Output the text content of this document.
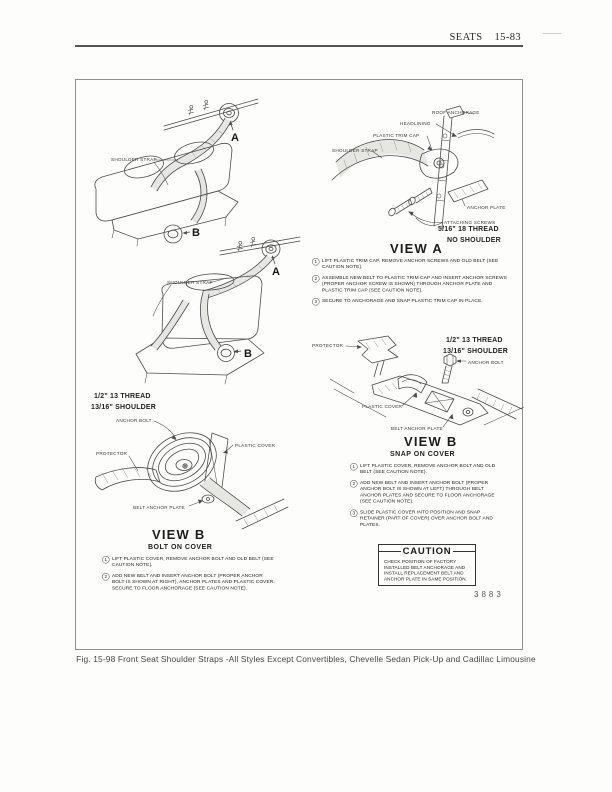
SEATS 15-83
SHOULDER STRAP
A
B
SHOULDER STRAP
A
B
1/2" 13 THREAD
13/16" SHOULDER
ANCHOR BOLT
PROTECTOR
PLASTIC COVER
BELT ANCHOR PLATE
VIEW B
BOLT ON COVER
1 LIFT PLASTIC COVER, REMOVE ANCHOR BOLT AND OLD BELT (SEE CAUTION NOTE).
2 ADD NEW BELT AND INSERT ANCHOR BOLT (PROPER ANCHOR BOLT IS SHOWN AT RIGHT), ANCHOR PLATES AND PLASTIC COVER. SECURE TO FLOOR ANCHORAGE (SEE CAUTION NOTE).
ROOF ANCHORAGE
HEADLINING
PLASTIC TRIM CAP
SHOULDER STRAP
ANCHOR PLATE
ATTACHING SCREWS
5/16" 18 THREAD
NO SHOULDER
VIEW A
1 LIFT PLASTIC TRIM CAP, REMOVE ANCHOR SCREWS AND OLD BELT (SEE CAUTION NOTE).
2 ASSEMBLE NEW BELT TO PLASTIC TRIM CAP AND INSERT ANCHOR SCREWS (PROPER ANCHOR SCREW IS SHOWN) THROUGH ANCHOR PLATE AND PLASTIC TRIM CAP (SEE CAUTION NOTE).
3 SECURE TO ANCHORAGE AND SNAP PLASTIC TRIM CAP IN PLACE.
PROTECTOR
1/2" 13 THREAD
13/16" SHOULDER
ANCHOR BOLT
PLASTIC COVER
BELT ANCHOR PLATE
VIEW B
SNAP ON COVER
1 LIFT PLASTIC COVER, REMOVE ANCHOR BOLT AND OLD BELT (SEE CAUTION NOTE).
2 ADD NEW BELT AND INSERT ANCHOR BOLT (PROPER ANCHOR BOLT IS SHOWN AT LEFT) THROUGH BELT ANCHOR PLATES AND SECURE TO FLOOR ANCHORAGE (SEE CAUTION NOTE).
3 SLIDE PLASTIC COVER INTO POSITION AND SNAP RETAINER (PART OF COVER) OVER ANCHOR BOLT AND PLATES.
CAUTION
CHECK POSITION OF FACTORY INSTALLED BELT ANCHORAGE AND INSTALL REPLACEMENT BELT AND ANCHOR PLATE IN SAME POSITION.
3883
Fig. 15-98 Front Seat Shoulder Straps -All Styles Except Convertibles, Chevelle Sedan Pick-Up and Cadillac Limousine
